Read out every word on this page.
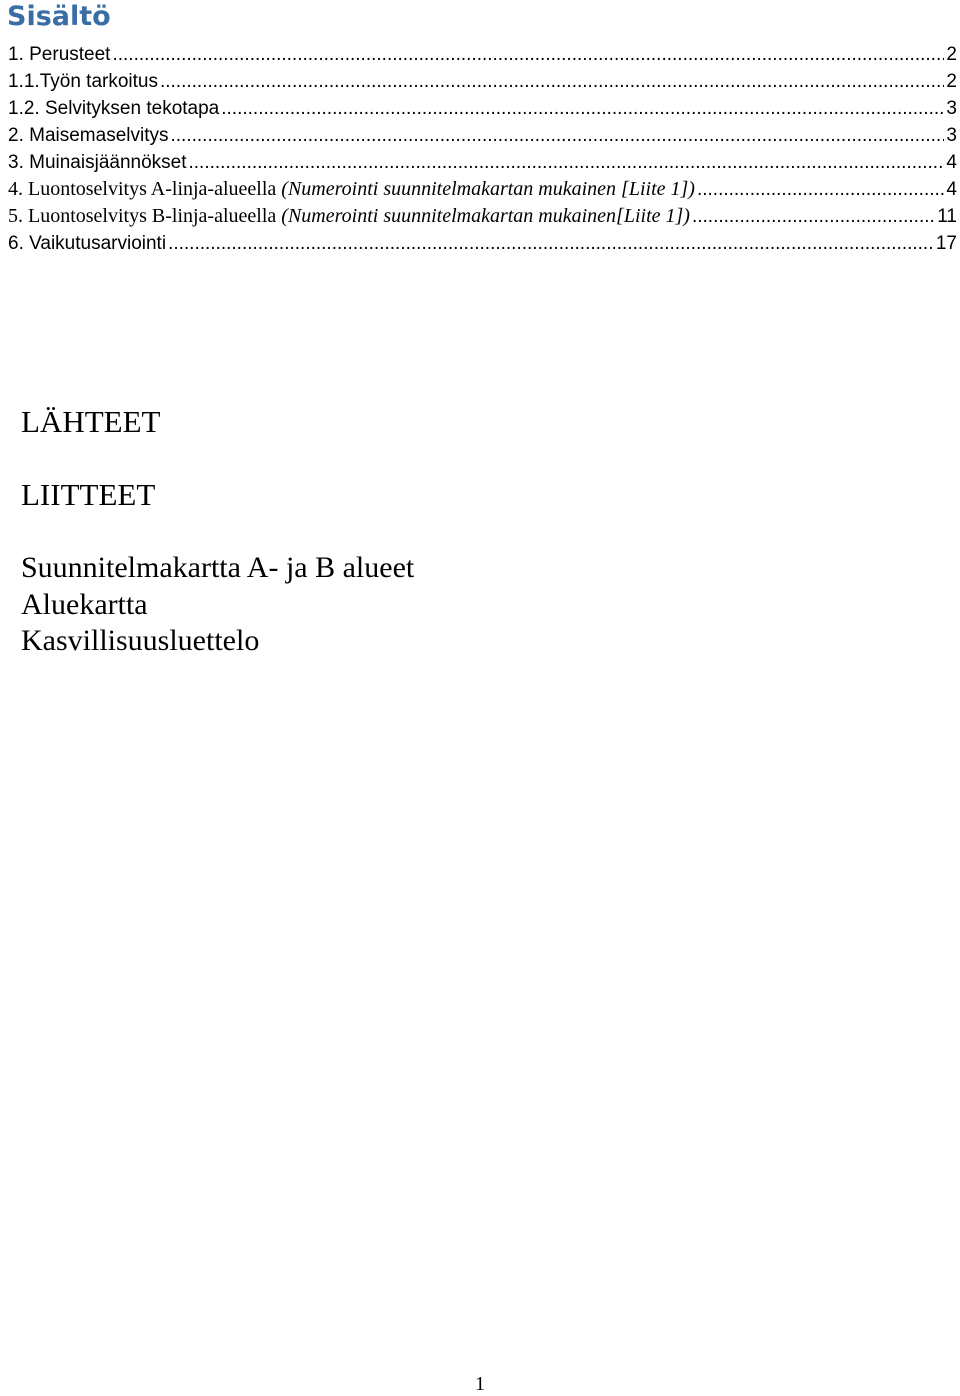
Sisältö
1. Perusteet .....	2
1.1.Työn tarkoitus .....	2
1.2. Selvityksen tekotapa .....	3
2. Maisemaselvitys .....	3
3. Muinaisjäännökset .....	4
4. Luontoselvitys A-linja-alueella (Numerointi suunnitelmakartan mukainen [Liite 1]) .....	4
5. Luontoselvitys B-linja-alueella (Numerointi suunnitelmakartan mukainen[Liite 1]) .....	11
6. Vaikutusarviointi .....	17
LÄHTEET
LIITTEET
Suunnitelmakartta A- ja B alueet
Aluekartta
Kasvillisuusluettelo

1
